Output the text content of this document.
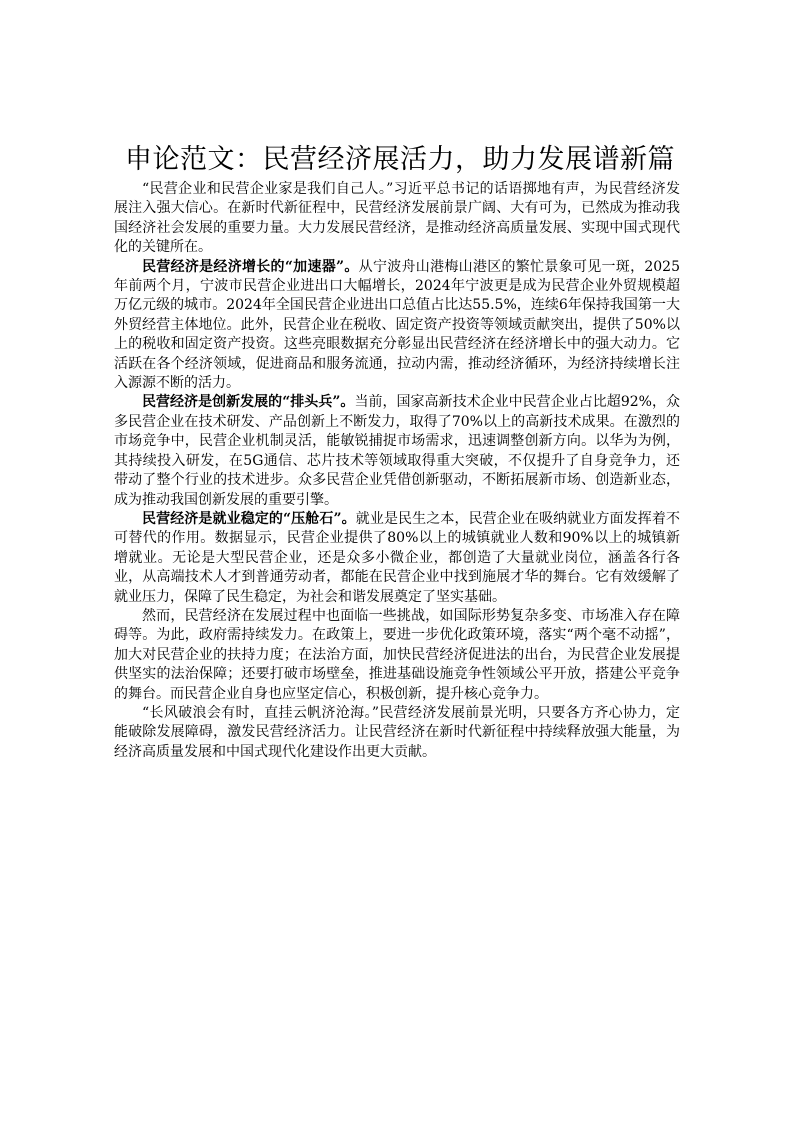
申论范文：民营经济展活力，助力发展谱新篇

“民营企业和民营企业家是我们自己人。”习近平总书记的话语掷地有声，为民营经济发展注入强大信心。在新时代新征程中，民营经济发展前景广阔、大有可为，已然成为推动我国经济社会发展的重要力量。大力发展民营经济，是推动经济高质量发展、实现中国式现代化的关键所在。

民营经济是经济增长的“加速器”。从宁波舟山港梅山港区的繁忙景象可见一斑，2025年前两个月，宁波市民营企业进出口大幅增长，2024年宁波更是成为民营企业外贸规模超万亿元级的城市。2024年全国民营企业进出口总值占比达55.5%，连续6年保持我国第一大外贸经营主体地位。此外，民营企业在税收、固定资产投资等领域贡献突出，提供了50%以上的税收和固定资产投资。这些亮眼数据充分彰显出民营经济在经济增长中的强大动力。它活跃在各个经济领域，促进商品和服务流通，拉动内需，推动经济循环，为经济持续增长注入源源不断的活力。

民营经济是创新发展的“排头兵”。当前，国家高新技术企业中民营企业占比超92%，众多民营企业在技术研发、产品创新上不断发力，取得了70%以上的高新技术成果。在激烈的市场竞争中，民营企业机制灵活，能敏锐捕捉市场需求，迅速调整创新方向。以华为为例，其持续投入研发，在5G通信、芯片技术等领域取得重大突破，不仅提升了自身竞争力，还带动了整个行业的技术进步。众多民营企业凭借创新驱动，不断拓展新市场、创造新业态，成为推动我国创新发展的重要引擎。

民营经济是就业稳定的“压舱石”。就业是民生之本，民营企业在吸纳就业方面发挥着不可替代的作用。数据显示，民营企业提供了80%以上的城镇就业人数和90%以上的城镇新增就业。无论是大型民营企业，还是众多小微企业，都创造了大量就业岗位，涵盖各行各业，从高端技术人才到普通劳动者，都能在民营企业中找到施展才华的舞台。它有效缓解了就业压力，保障了民生稳定，为社会和谐发展奠定了坚实基础。

然而，民营经济在发展过程中也面临一些挑战，如国际形势复杂多变、市场准入存在障碍等。为此，政府需持续发力。在政策上，要进一步优化政策环境，落实“两个毫不动摇”，加大对民营企业的扶持力度；在法治方面，加快民营经济促进法的出台，为民营企业发展提供坚实的法治保障；还要打破市场壁垒，推进基础设施竞争性领域公平开放，搭建公平竞争的舞台。而民营企业自身也应坚定信心，积极创新，提升核心竞争力。

“长风破浪会有时，直挂云帆济沧海。”民营经济发展前景光明，只要各方齐心协力，定能破除发展障碍，激发民营经济活力。让民营经济在新时代新征程中持续释放强大能量，为经济高质量发展和中国式现代化建设作出更大贡献。
